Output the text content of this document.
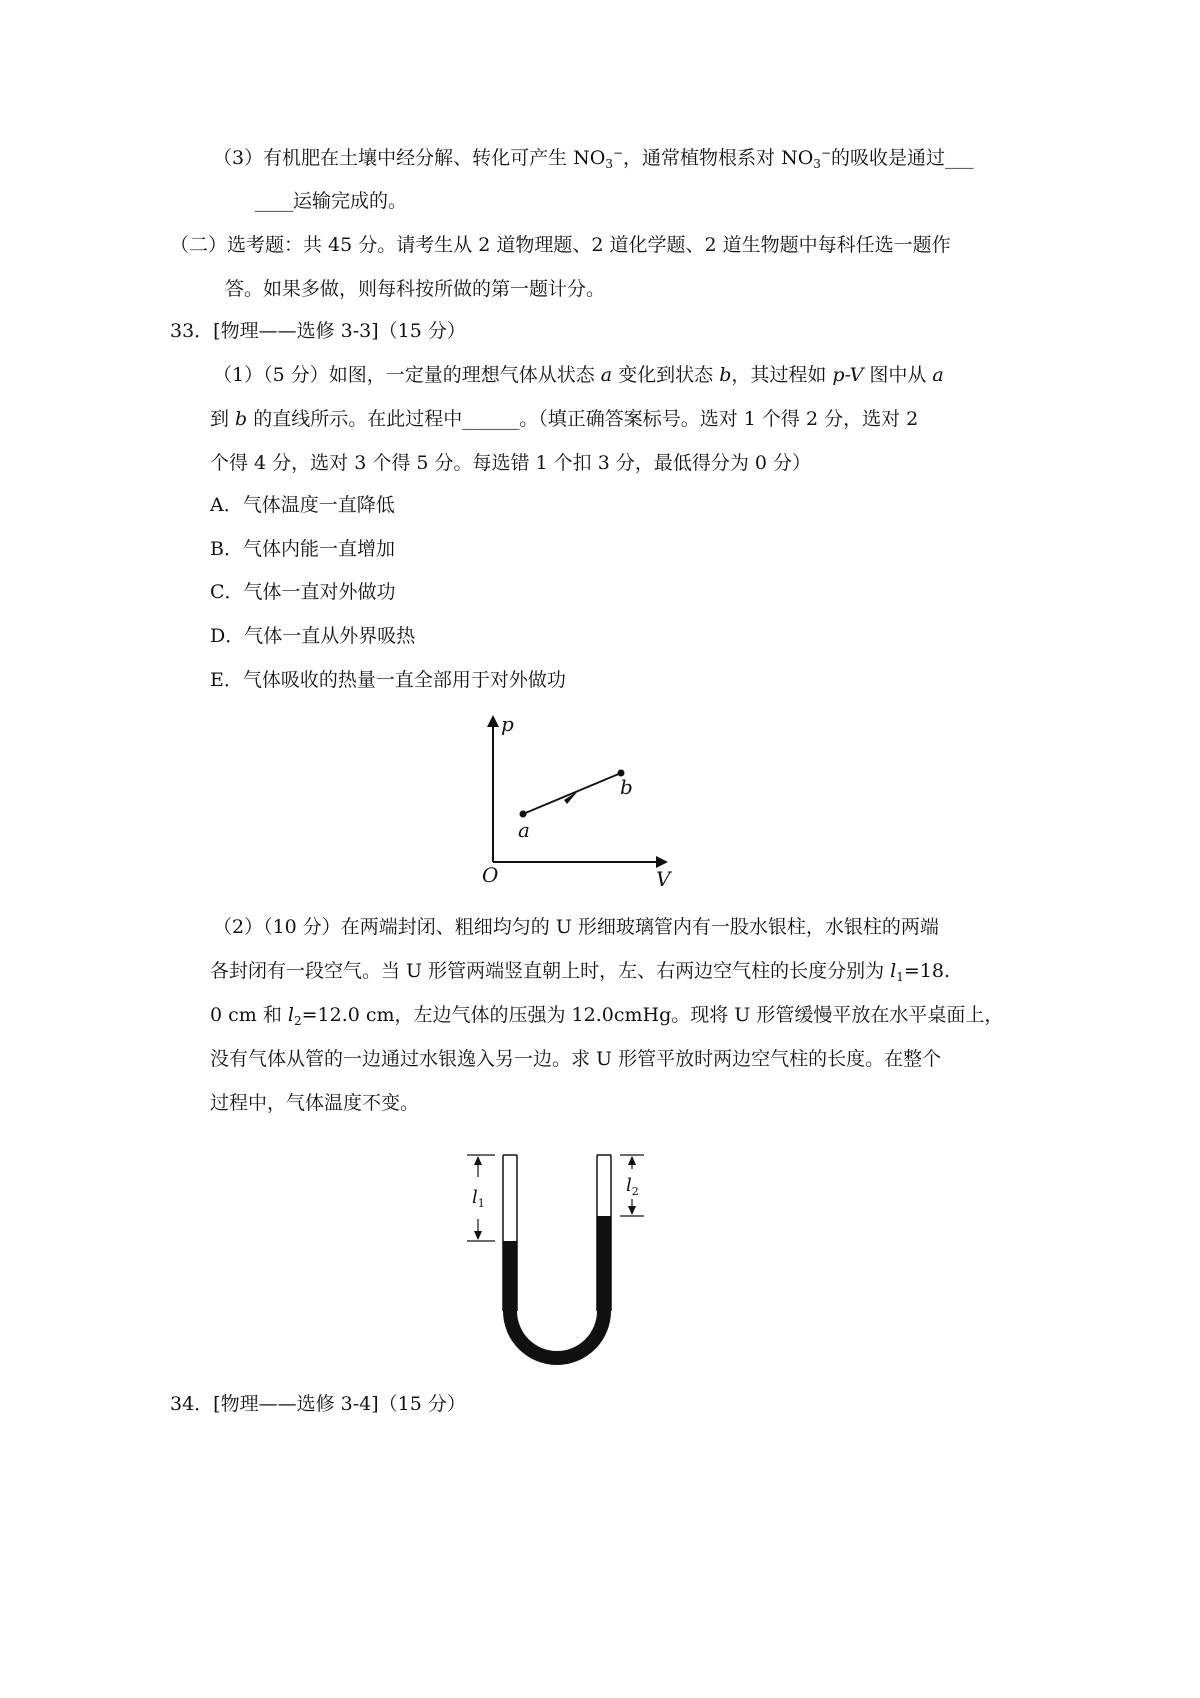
（3）有机肥在土壤中经分解、转化可产生 $NO_3^-$，通常植物根系对 $NO_3^-$的吸收是通过___
____运输完成的。
（二）选考题：共 45 分。请考生从 2 道物理题、2 道化学题、2 道生物题中每科任选一题作
答。如果多做，则每科按所做的第一题计分。
33．[物理——选修 3-3]（15 分）
（1）（5 分）如图，一定量的理想气体从状态 a 变化到状态 b，其过程如 p-V 图中从 a
到 b 的直线所示。在此过程中______。（填正确答案标号。选对 1 个得 2 分，选对 2
个得 4 分，选对 3 个得 5 分。每选错 1 个扣 3 分，最低得分为 0 分）
A．气体温度一直降低
B．气体内能一直增加
C．气体一直对外做功
D．气体一直从外界吸热
E．气体吸收的热量一直全部用于对外做功
p
V
O
a
b
（2）（10 分）在两端封闭、粗细均匀的 U 形细玻璃管内有一股水银柱，水银柱的两端
各封闭有一段空气。当 U 形管两端竖直朝上时，左、右两边空气柱的长度分别为 $l_1=18$.
0 cm 和 $l_2=12.0$ cm，左边气体的压强为 12.0cmHg。现将 U 形管缓慢平放在水平桌面上，
没有气体从管的一边通过水银逸入另一边。求 U 形管平放时两边空气柱的长度。在整个
过程中，气体温度不变。
$l_1$
$l_2$
34．[物理——选修 3-4]（15 分）
